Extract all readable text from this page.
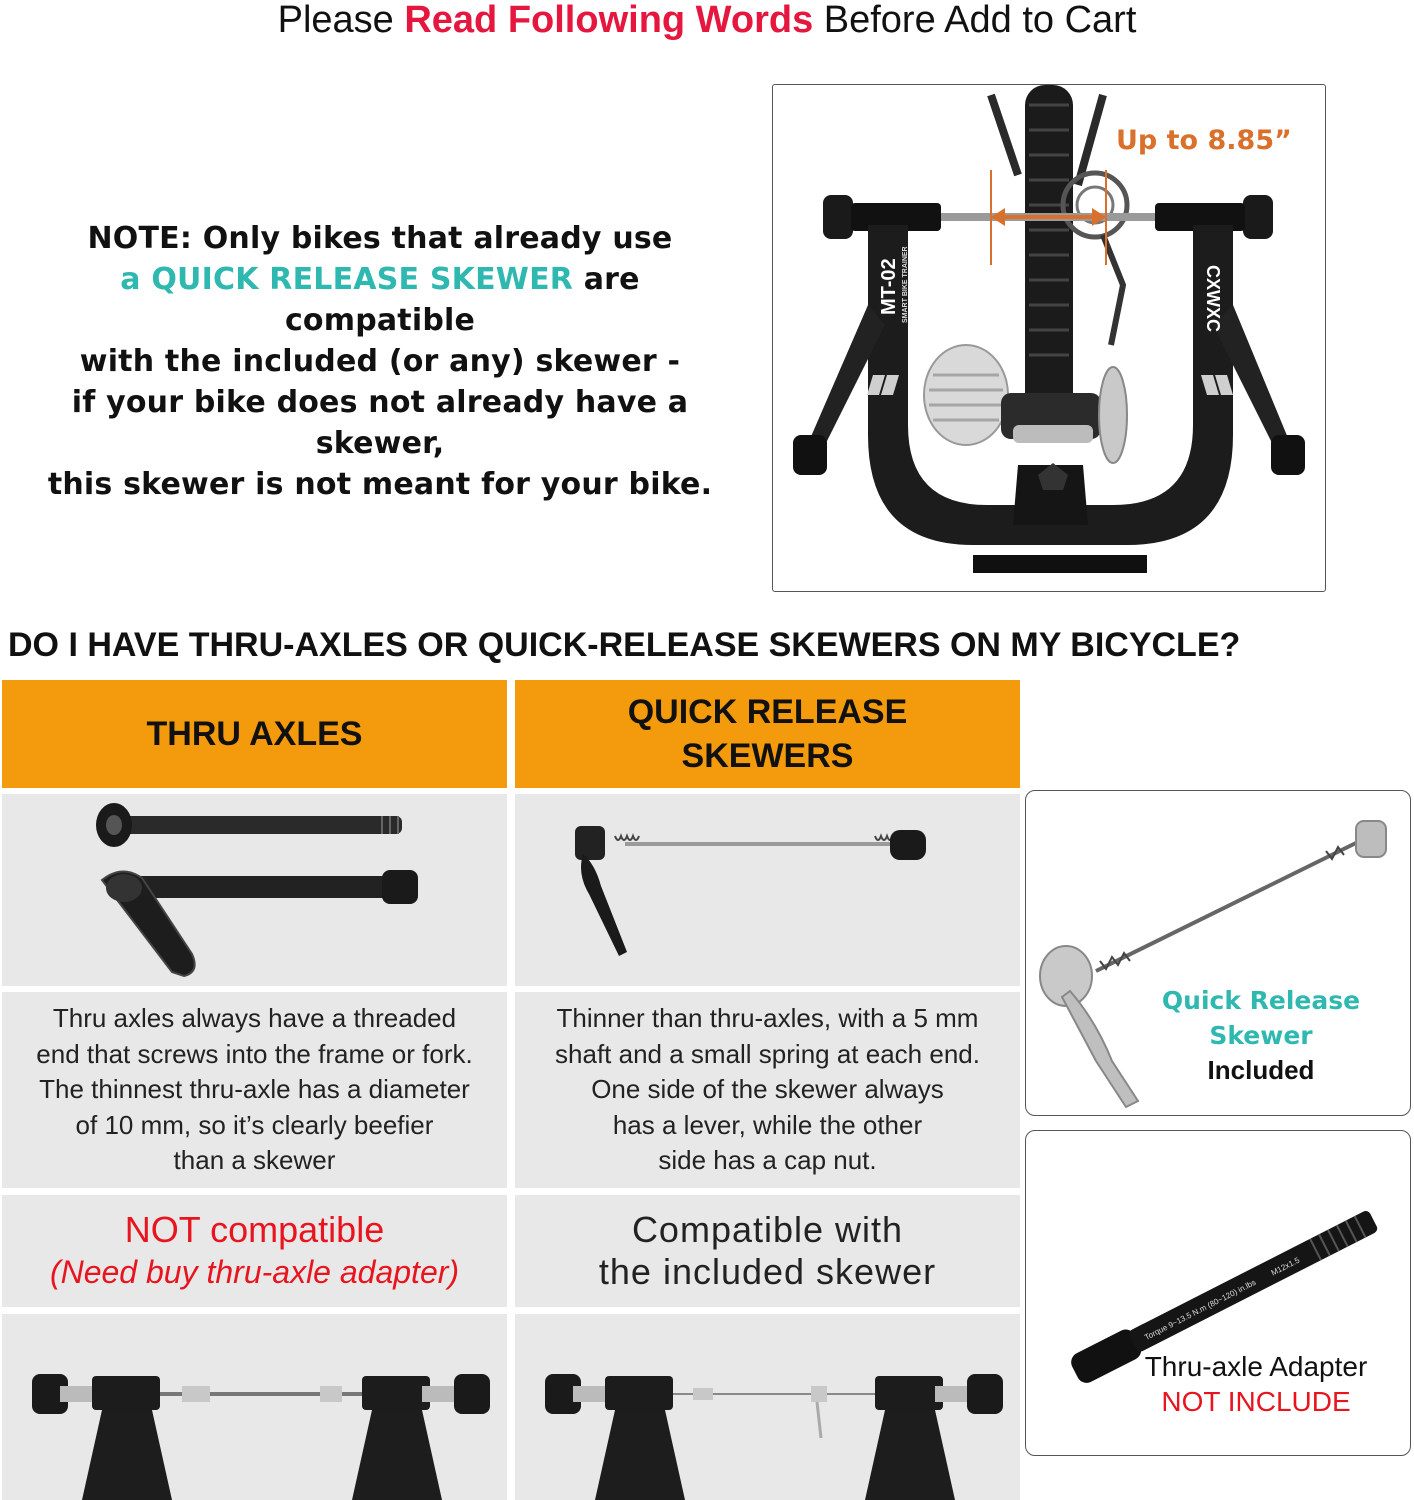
Please Read Following Words Before Add to Cart
NOTE: Only bikes that already use
a QUICK RELEASE SKEWER are compatible
with the included (or any) skewer -
if your bike does not already have a skewer,
this skewer is not meant for your bike.
MT-02 SMART BIKE TRAINER	CXWXC
Up to 8.85”
DO I HAVE THRU-AXLES OR QUICK-RELEASE SKEWERS ON MY BICYCLE?
THRU AXLES
QUICK RELEASE
SKEWERS
Thru axles always have a threaded
end that screws into the frame or fork.
The thinnest thru-axle has a diameter
of 10 mm, so it’s clearly beefier
than a skewer
Thinner than thru-axles, with a 5 mm
shaft and a small spring at each end.
One side of the skewer always
has a lever, while the other
side has a cap nut.
NOT compatible
(Need buy thru-axle adapter)
Compatible with
the included skewer
Quick Release Skewer
Included
Torque 9~13.5 N.m (80~120) in.lbs
M12x1.5
Thru-axle Adapter
NOT INCLUDE
